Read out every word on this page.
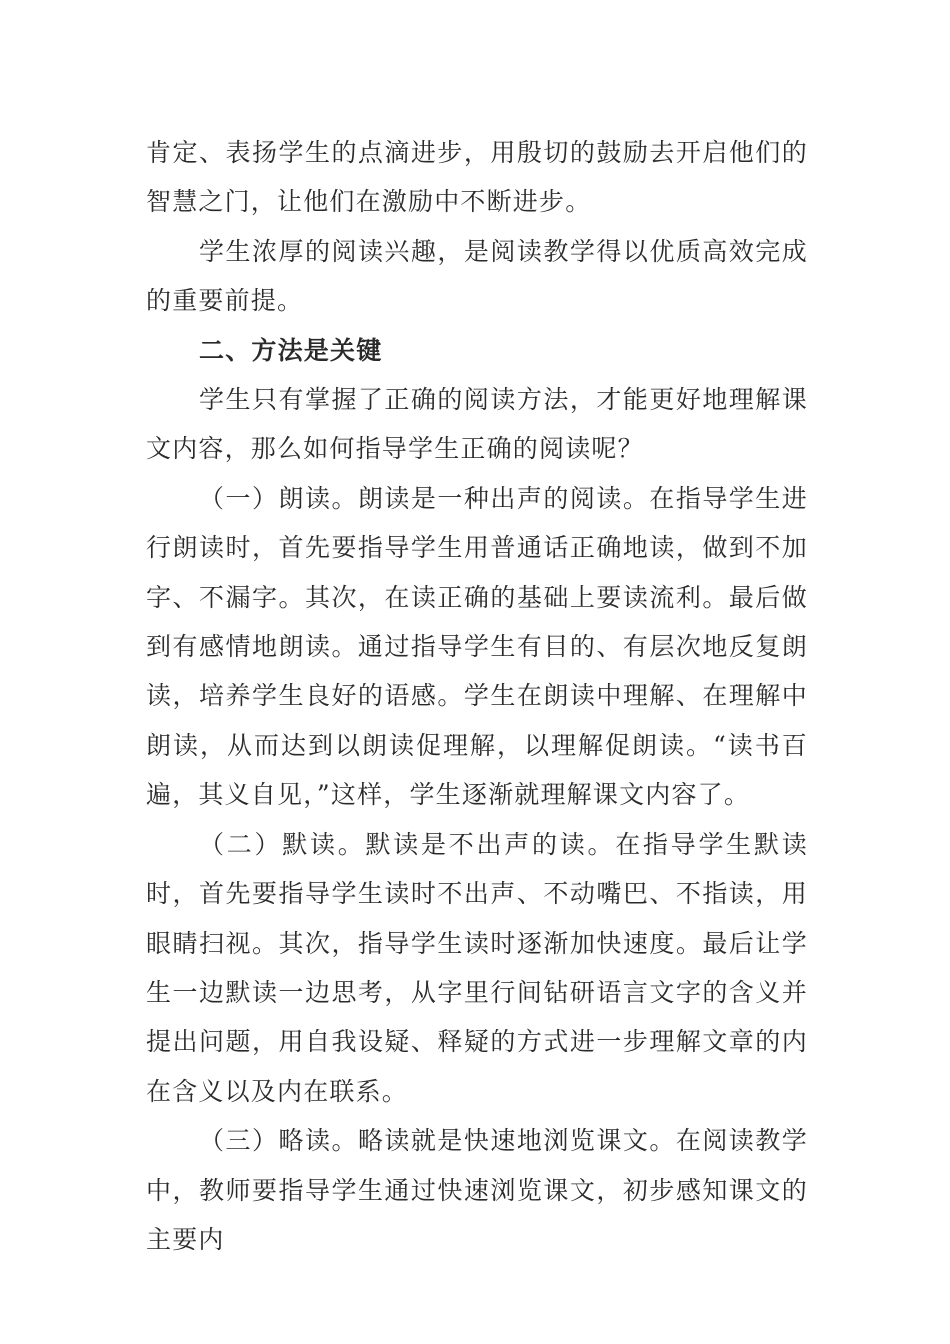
肯定、表扬学生的点滴进步，用殷切的鼓励去开启他们的智慧之门，让他们在激励中不断进步。

学生浓厚的阅读兴趣，是阅读教学得以优质高效完成的重要前提。

二、方法是关键

学生只有掌握了正确的阅读方法，才能更好地理解课文内容，那么如何指导学生正确的阅读呢？

（一）朗读。朗读是一种出声的阅读。在指导学生进行朗读时，首先要指导学生用普通话正确地读，做到不加字、不漏字。其次，在读正确的基础上要读流利。最后做到有感情地朗读。通过指导学生有目的、有层次地反复朗读，培养学生良好的语感。学生在朗读中理解、在理解中朗读，从而达到以朗读促理解，以理解促朗读。“读书百遍，其义自见，”这样，学生逐渐就理解课文内容了。

（二）默读。默读是不出声的读。在指导学生默读时，首先要指导学生读时不出声、不动嘴巴、不指读，用眼睛扫视。其次，指导学生读时逐渐加快速度。最后让学生一边默读一边思考，从字里行间钻研语言文字的含义并提出问题，用自我设疑、释疑的方式进一步理解文章的内在含义以及内在联系。

（三）略读。略读就是快速地浏览课文。在阅读教学中，教师要指导学生通过快速浏览课文，初步感知课文的主要内
